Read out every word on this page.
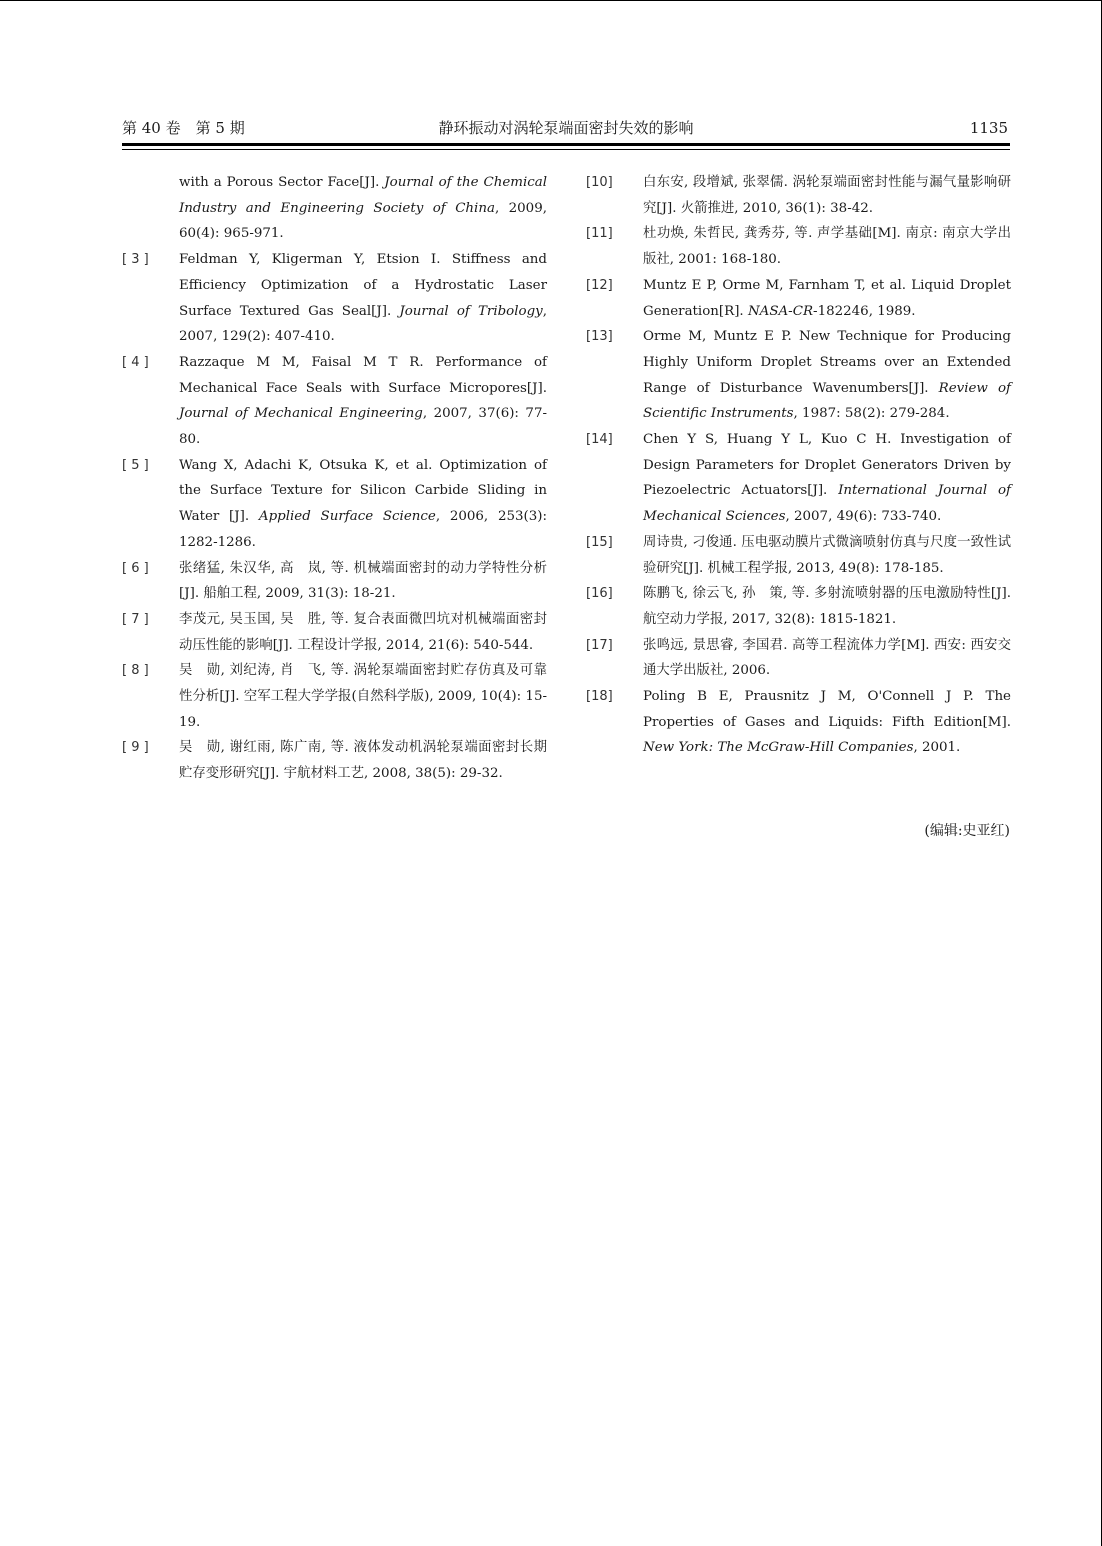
第 40 卷　第 5 期	静环振动对涡轮泵端面密封失效的影响	1135
with a Porous Sector Face[J]. Journal of the Chemical Industry and Engineering Society of China, 2009, 60(4): 965-971.
[ 3 ]	Feldman Y, Kligerman Y, Etsion I. Stiffness and Efficiency Optimization of a Hydrostatic Laser Surface Textured Gas Seal[J]. Journal of Tribology, 2007, 129(2): 407-410.
[ 4 ]	Razzaque M M, Faisal M T R. Performance of Mechanical Face Seals with Surface Micropores[J]. Journal of Mechanical Engineering, 2007, 37(6): 77-80.
[ 5 ]	Wang X, Adachi K, Otsuka K, et al. Optimization of the Surface Texture for Silicon Carbide Sliding in Water [J]. Applied Surface Science, 2006, 253(3): 1282-1286.
[ 6 ]	张绪猛, 朱汉华, 高　岚, 等. 机械端面密封的动力学特性分析[J]. 船舶工程, 2009, 31(3): 18-21.
[ 7 ]	李茂元, 吴玉国, 吴　胜, 等. 复合表面微凹坑对机械端面密封动压性能的影响[J]. 工程设计学报, 2014, 21(6): 540-544.
[ 8 ]	吴　勋, 刘纪涛, 肖　飞, 等. 涡轮泵端面密封贮存仿真及可靠性分析[J]. 空军工程大学学报(自然科学版), 2009, 10(4): 15-19.
[ 9 ]	吴　勋, 谢红雨, 陈广南, 等. 液体发动机涡轮泵端面密封长期贮存变形研究[J]. 宇航材料工艺, 2008, 38(5): 29-32.
[10]	白东安, 段增斌, 张翠儒. 涡轮泵端面密封性能与漏气量影响研究[J]. 火箭推进, 2010, 36(1): 38-42.
[11]	杜功焕, 朱哲民, 龚秀芬, 等. 声学基础[M]. 南京: 南京大学出版社, 2001: 168-180.
[12]	Muntz E P, Orme M, Farnham T, et al. Liquid Droplet Generation[R]. NASA-CR-182246, 1989.
[13]	Orme M, Muntz E P. New Technique for Producing Highly Uniform Droplet Streams over an Extended Range of Disturbance Wavenumbers[J]. Review of Scientific Instruments, 1987: 58(2): 279-284.
[14]	Chen Y S, Huang Y L, Kuo C H. Investigation of Design Parameters for Droplet Generators Driven by Piezoelectric Actuators[J]. International Journal of Mechanical Sciences, 2007, 49(6): 733-740.
[15]	周诗贵, 刁俊通. 压电驱动膜片式微滴喷射仿真与尺度一致性试验研究[J]. 机械工程学报, 2013, 49(8): 178-185.
[16]	陈鹏飞, 徐云飞, 孙　策, 等. 多射流喷射器的压电激励特性[J]. 航空动力学报, 2017, 32(8): 1815-1821.
[17]	张鸣远, 景思睿, 李国君. 高等工程流体力学[M]. 西安: 西安交通大学出版社, 2006.
[18]	Poling B E, Prausnitz J M, O'Connell J P. The Properties of Gases and Liquids: Fifth Edition[M]. New York: The McGraw-Hill Companies, 2001.
(编辑:史亚红)
